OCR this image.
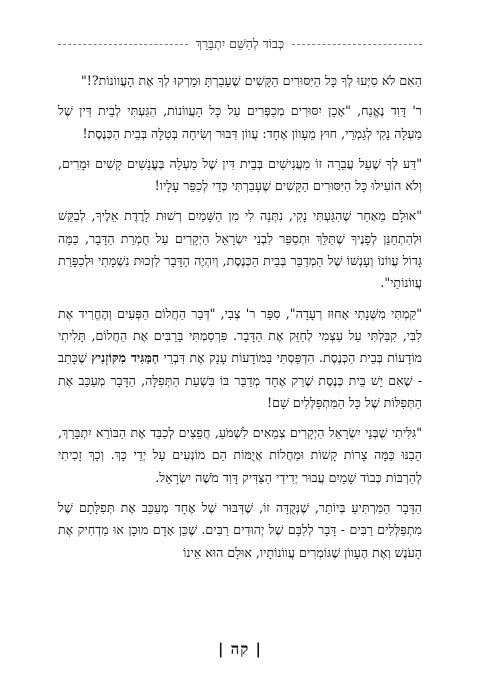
כְּבוֹד לְהַשֵּׁם יִתְבָּרֵךְ

הַאִם לֹא סִיְּעוּ לְךָ כָּל הַיִּסּוּרִים הַקָּשִׁים שֶׁעָבַרְתָּ וּמֵרְקוּ לְךָ אֶת הָעֲווֹנוֹת?!"

ר' דָּוִד נֶאֱנַח, "אָכֵן יִסּוּרִים מְכַפְּרִים עַל כָּל הָעֲווֹנוֹת, הִגַּעְתִּי לְבֵית דִּין שֶׁל מַעְלָה נָקִי לְגַמְרֵי, חוּץ מֵעָווֹן אֶחָד: עֲווֹן דִּבּוּר וְשִׂיחָה בְּטֵלָה בְּבֵית הַכְּנֶסֶת!

"דַּע לְךָ שֶׁעַל עֲבֵרָה זוֹ מַעֲנִישִׁים בְּבֵית דִּין שֶׁל מַעְלָה בְּעֳנָשִׁים קָשִׁים וּמָרִים, וְלֹא הוֹעִילוּ כָּל הַיִּסּוּרִים הַקָּשִׁים שֶׁעָבַרְתִּי כְּדֵי לְכַפֵּר עָלָיו!

"אוּלָם מֵאַחַר שֶׁהִגַּעְתִּי נָקִי, נִתְּנָה לִי מִן הַשָּׁמַיִם רְשׁוּת לָרֶדֶת אֵלֶיךָ, לְבַקֵּשׁ וּלְהִתְחַנֵּן לְפָנֶיךָ שֶׁתַּלֵּךְ וּתְסַפֵּר לִבְנֵי יִשְׂרָאֵל הַיְקָרִים עַל חֻמְרַת הַדָּבָר, כַּמָּה גָּדוֹל עֲווֹנוֹ וְעָנְשׁוֹ שֶׁל הַמְדַבֵּר בְּבֵית הַכְּנֶסֶת, וְיִהְיֶה הַדָּבָר לִזְכוּת נִשְׁמָתִי וּלְכַפָּרַת עֲווֹנוֹתַי".

"קַמְתִּי מִשְּׁנָתִי אָחוּז רְעָדָה", סִפֵּר ר' צְבִי, "דְּבַר הַחֲלוֹם הַפְּעִים וְהֶחֱרִיד אֶת לִבִּי, קִבַּלְתִּי עַל עַצְמִי לְחַזֵּק אֶת הַדָּבָר. פִּרְסַמְתִּי בָּרַבִּים אֶת הַחֲלוֹם, תָּלִיתִי מוֹדָעוֹת בְּבֵית הַכְּנֶסֶת. הִדְפַּסְתִּי בַּמּוֹדָעוֹת עָנָק אֶת דִּבְרֵי הַמַּגִּיד מִקּוֹזְנִיץ שֶׁכָּתַב - שֶׁאִם יֵשׁ בֵּית כְּנֶסֶת שֶׁרַק אֶחָד מְדַבֵּר בּוֹ בִּשְׁעַת הַתְּפִלָּה, הַדָּבָר מְעַכֵּב אֶת הַתְּפִלּוֹת שֶׁל כָּל הַמִּתְפַּלְּלִים שָׁם!

"גִּלִּיתִי שֶׁבְּנֵי יִשְׂרָאֵל הַיְקָרִים צְמֵאִים לִשְׁמֹעַ, חֲפֵצִים לְכַבֵּד אֶת הַבּוֹרֵא יִתְבָּרֵךְ, הֵבַנּוּ כַּמָּה צָרוֹת קָשׁוֹת וּמַחֲלוֹת אֲיֻמּוֹת הֵם מוֹנְעִים עַל יְדֵי כָּךְ. וְכָךְ זָכִיתִי לְהַרְבּוֹת כְּבוֹד שָׁמַיִם עֲבוּר יְדִידִי הַצַּדִּיק דָּוִד מֹשֶׁה יִשְׂרָאֵל.

הַדָּבָר הַמַּרְתִּיעַ בְּיוֹתֵר, שֶׁנְּקֻדָּה זוֹ, שֶׁדִּבּוּר שֶׁל אֶחָד מְעַכֵּב אֶת תְּפִלָּתָם שֶׁל מִתְפַּלְּלִים רַבִּים - דָּבָר לְלִבָּם שֶׁל יְהוּדִים רַבִּים. שֶׁכֵּן אָדָם מוּכָן אוּ מַדְחִיק אֶת הָעֹנֶשׁ וְאֶת הֶעָווֹן שֶׁגּוֹמְרִים עֲווֹנוֹתָיו, אוּלָם הוּא אֵינוֹ

| קה |
